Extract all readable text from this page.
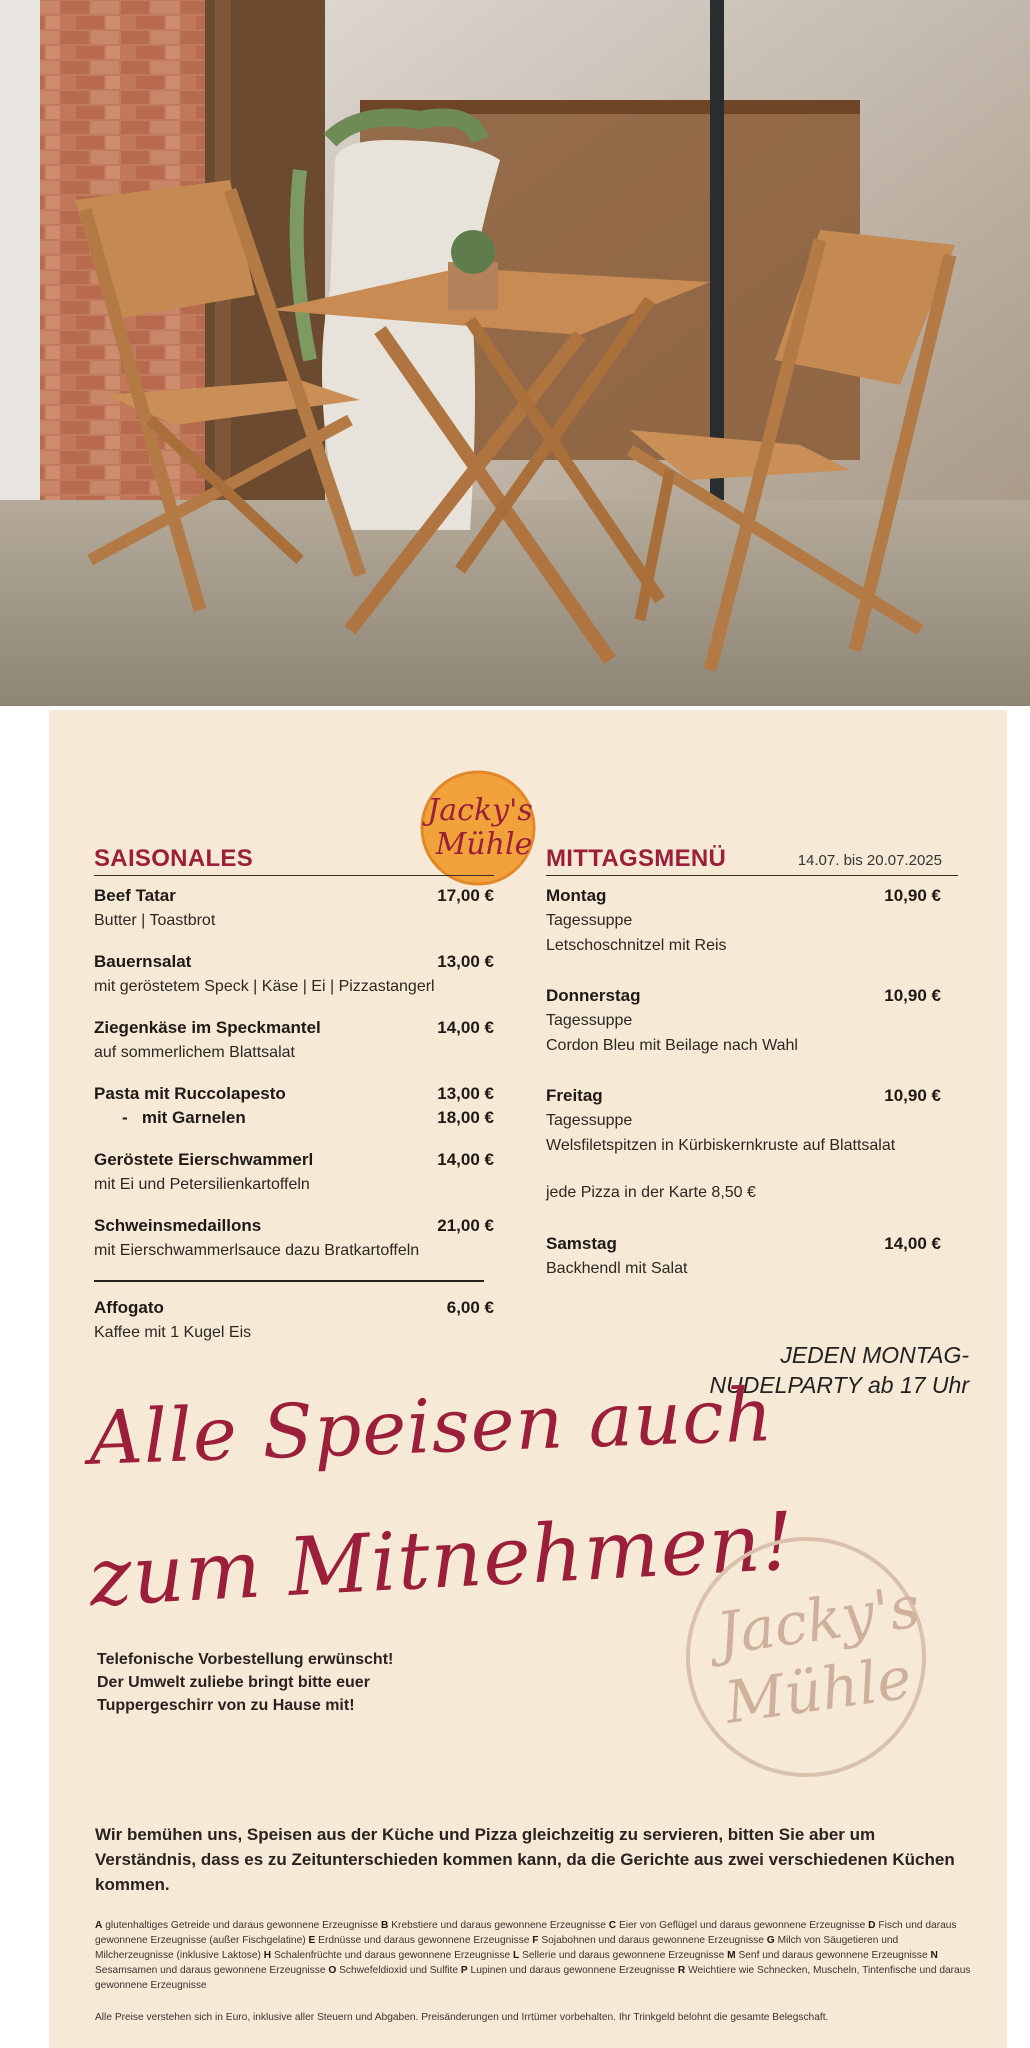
Jacky's
Mühle
SAISONALES
Beef Tatar	17,00 €
Butter | Toastbrot
Bauernsalat	13,00 €
mit geröstetem Speck | Käse | Ei | Pizzastangerl
Ziegenkäse im Speckmantel	14,00 €
auf sommerlichem Blattsalat
Pasta mit Ruccolapesto	13,00 €
-   mit Garnelen	18,00 €
Geröstete Eierschwammerl	14,00 €
mit Ei und Petersilienkartoffeln
Schweinsmedaillons	21,00 €
mit Eierschwammerlsauce dazu Bratkartoffeln
Affogato	6,00 €
Kaffee mit 1 Kugel Eis
MITTAGSMENÜ	14.07. bis 20.07.2025
Montag	10,90 €
Tagessuppe
Letschoschnitzel mit Reis
Donnerstag	10,90 €
Tagessuppe
Cordon Bleu mit Beilage nach Wahl
Freitag	10,90 €
Tagessuppe
Welsfiletspitzen in Kürbiskernkruste auf Blattsalat
jede Pizza in der Karte 8,50 €
Samstag	14,00 €
Backhendl mit Salat
JEDEN MONTAG-
NUDELPARTY ab 17 Uhr
Alle Speisen auch
zum Mitnehmen!
Telefonische Vorbestellung erwünscht!
Der Umwelt zuliebe bringt bitte euer
Tuppergeschirr von zu Hause mit!
Jacky's
Mühle
Wir bemühen uns, Speisen aus der Küche und Pizza gleichzeitig zu servieren, bitten Sie aber um Verständnis, dass es zu Zeitunterschieden kommen kann, da die Gerichte aus zwei verschiedenen Küchen kommen.
A glutenhaltiges Getreide und daraus gewonnene Erzeugnisse B Krebstiere und daraus gewonnene Erzeugnisse C Eier von Geflügel und daraus gewonnene Erzeugnisse D Fisch und daraus gewonnene Erzeugnisse (außer Fischgelatine) E Erdnüsse und daraus gewonnene Erzeugnisse F Sojabohnen und daraus gewonnene Erzeugnisse G Milch von Säugetieren und Milcherzeugnisse (inklusive Laktose) H Schalenfrüchte und daraus gewonnene Erzeugnisse L Sellerie und daraus gewonnene Erzeugnisse M Senf und daraus gewonnene Erzeugnisse N Sesamsamen und daraus gewonnene Erzeugnisse O Schwefeldioxid und Sulfite P Lupinen und daraus gewonnene Erzeugnisse R Weichtiere wie Schnecken, Muscheln, Tintenfische und daraus gewonnene Erzeugnisse
Alle Preise verstehen sich in Euro, inklusive aller Steuern und Abgaben. Preisänderungen und Irrtümer vorbehalten. Ihr Trinkgeld belohnt die gesamte Belegschaft.
